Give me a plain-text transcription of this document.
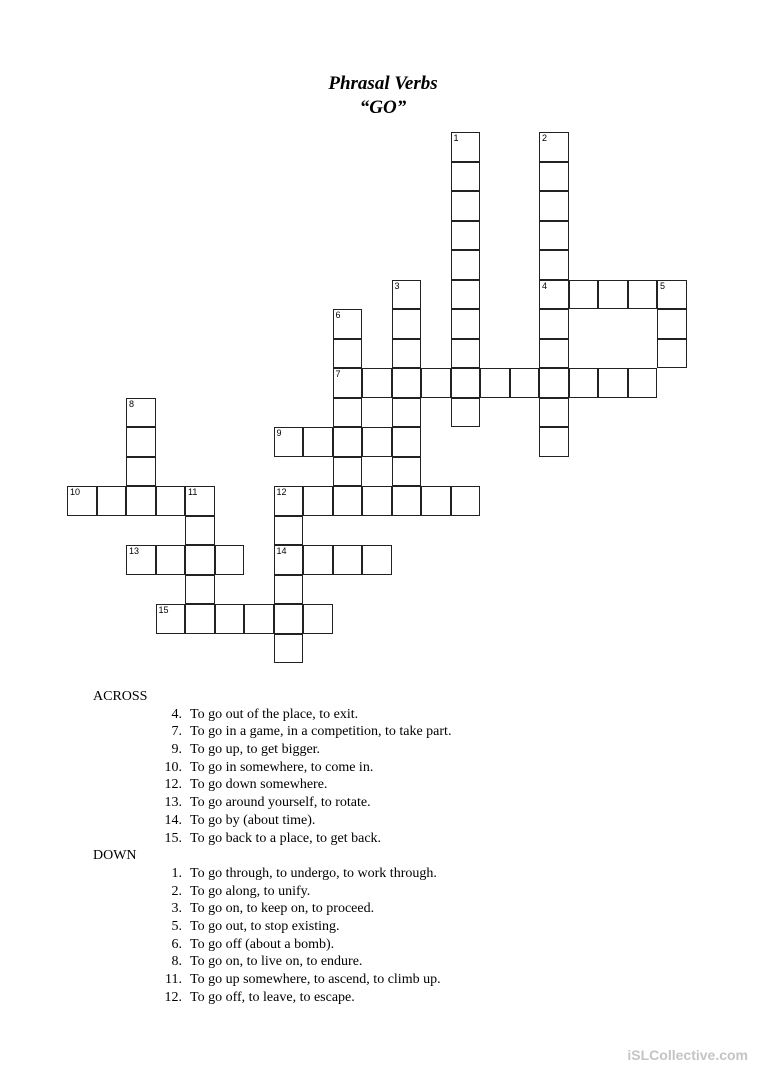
Phrasal Verbs
“GO”
1	2
4
3	5
6
7
8
9
10	11	12
14
13
15
ACROSS
4. To go out of the place, to exit.
7. To go in a game, in a competition, to take part.
9. To go up, to get bigger.
10. To go in somewhere, to come in.
12. To go down somewhere.
13. To go around yourself, to rotate.
14. To go by (about time).
15. To go back to a place, to get back.
DOWN
1. To go through, to undergo, to work through.
2. To go along, to unify.
3. To go on, to keep on, to proceed.
5. To go out, to stop existing.
6. To go off (about a bomb).
8. To go on, to live on, to endure.
11. To go up somewhere, to ascend, to climb up.
12. To go off, to leave, to escape.
iSLCollective.com
